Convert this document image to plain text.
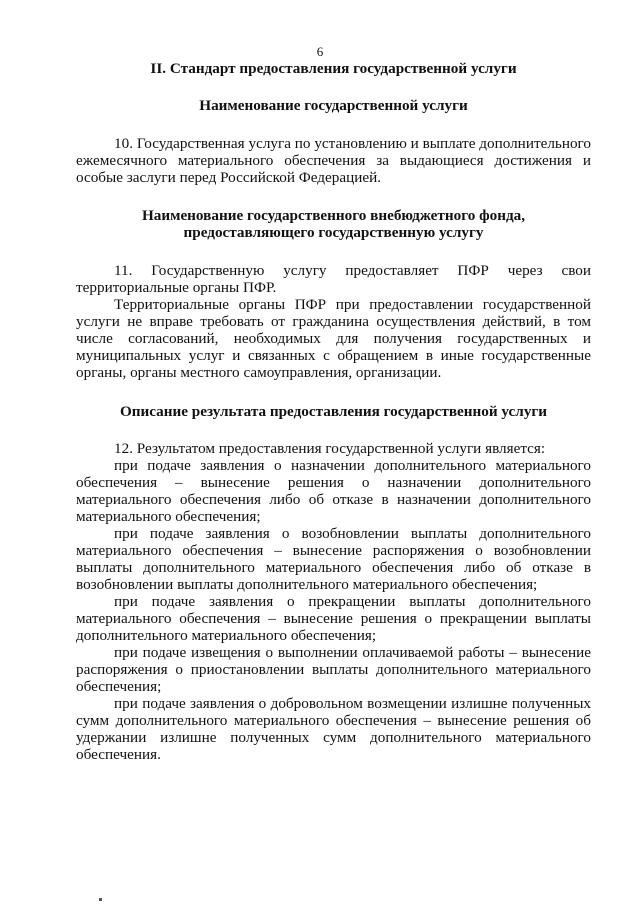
6
II. Стандарт предоставления государственной услуги
Наименование государственной услуги
10. Государственная услуга по установлению и выплате дополнительного
ежемесячного материального обеспечения за выдающиеся достижения и
особые заслуги перед Российской Федерацией.
Наименование государственного внебюджетного фонда,
предоставляющего государственную услугу
11. Государственную услугу предоставляет ПФР через свои
территориальные органы ПФР.
Территориальные органы ПФР при предоставлении государственной
услуги не вправе требовать от гражданина осуществления действий, в том
числе согласований, необходимых для получения государственных и
муниципальных услуг и связанных с обращением в иные государственные
органы, органы местного самоуправления, организации.
Описание результата предоставления государственной услуги
12. Результатом предоставления государственной услуги является:
при подаче заявления о назначении дополнительного материального
обеспечения – вынесение решения о назначении дополнительного
материального обеспечения либо об отказе в назначении дополнительного
материального обеспечения;
при подаче заявления о возобновлении выплаты дополнительного
материального обеспечения – вынесение распоряжения о возобновлении
выплаты дополнительного материального обеспечения либо об отказе в
возобновлении выплаты дополнительного материального обеспечения;
при подаче заявления о прекращении выплаты дополнительного
материального обеспечения – вынесение решения о прекращении выплаты
дополнительного материального обеспечения;
при подаче извещения о выполнении оплачиваемой работы – вынесение
распоряжения о приостановлении выплаты дополнительного материального
обеспечения;
при подаче заявления о добровольном возмещении излишне полученных
сумм дополнительного материального обеспечения – вынесение решения об
удержании излишне полученных сумм дополнительного материального
обеспечения.
